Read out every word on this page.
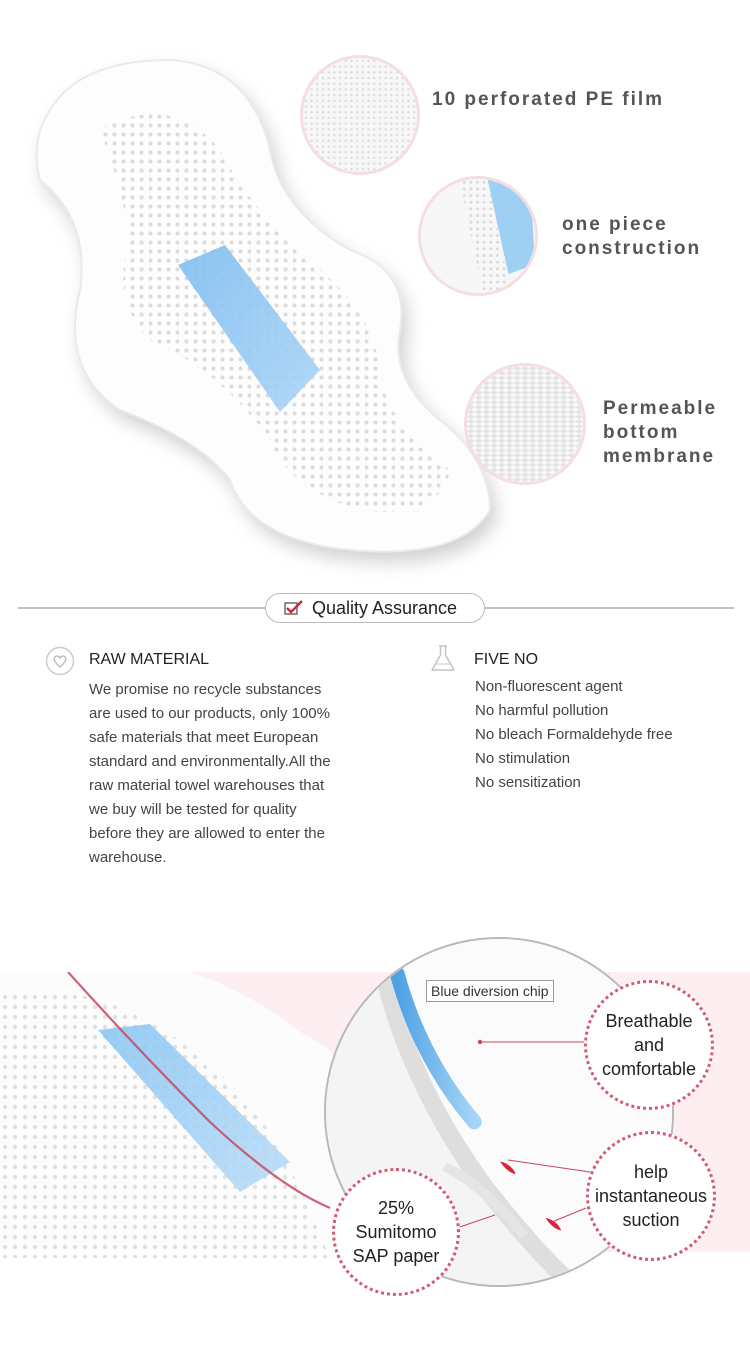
10 perforated PE film
one piece
construction
Permeable
bottom
membrane
Quality Assurance
RAW MATERIAL
We promise no recycle substances
are used to our products, only 100%
safe materials that meet European
standard and environmentally.All the
raw material towel warehouses that
we buy will be tested for quality
before they are allowed to enter the
warehouse.
FIVE NO
Non-fluorescent agent
No harmful pollution
No bleach Formaldehyde free
No stimulation
No sensitization
Blue diversion chip
Breathable
and
comfortable
help
instantaneous
suction
25%
Sumitomo
SAP paper
